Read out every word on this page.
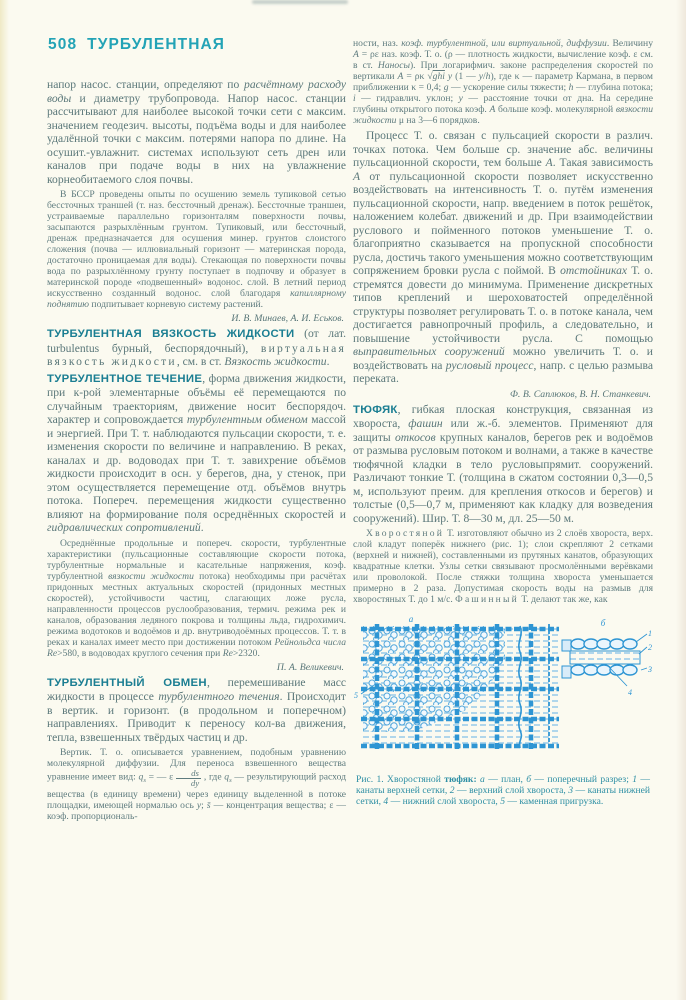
508 ТУРБУЛЕНТНАЯ

напор насос. станции, определяют по расчётному расходу воды и диаметру трубопровода. Напор насос. станции рассчитывают для наиболее высокой точки сети с максим. значением геодезич. высоты, подъёма воды и для наиболее удалённой точки с максим. потерями напора по длине. На осушит.-увлажнит. системах используют сеть дрен или каналов при подаче воды в них на увлажнение корнеобитаемого слоя почвы.

В БССР проведены опыты по осушению земель тупиковой сетью бессточных траншей (т. наз. бессточный дренаж). Бессточные траншеи, устраиваемые параллельно горизонталям поверхности почвы, засыпаются разрыхлённым грунтом. Тупиковый, или бессточный, дренаж предназначается для осушения минер. грунтов слоистого сложения (почва — иллювиальный горизонт — материнская порода, достаточно проницаемая для воды). Стекающая по поверхности почвы вода по разрыхлённому грунту поступает в подпочву и образует в материнской породе «подвешенный» водонос. слой. В летний период искусственно созданный водонос. слой благодаря капиллярному поднятию подпитывает корневую систему растений.

И. В. Минаев, А. И. Еськов.

ТУРБУЛЕНТНАЯ ВЯЗКОСТЬ ЖИДКОСТИ (от лат. turbulentus бурный, беспорядочный), виртуальная вязкость жидкости, см. в ст. Вязкость жидкости.

ТУРБУЛЕНТНОЕ ТЕЧЕНИЕ, форма движения жидкости, при к-рой элементарные объёмы её перемещаются по случайным траекториям, движение носит беспорядоч. характер и сопровождается турбулентным обменом массой и энергией. При Т. т. наблюдаются пульсации скорости, т. е. изменения скорости по величине и направлению. В реках, каналах и др. водоводах при Т. т. завихрение объёмов жидкости происходит в осн. у берегов, дна, у стенок, при этом осуществляется перемещение отд. объёмов внутрь потока. Попереч. перемещения жидкости существенно влияют на формирование поля осреднённых скоростей и гидравлических сопротивлений.

Осреднённые продольные и попереч. скорости, турбулентные характеристики (пульсационные составляющие скорости потока, турбулентные нормальные и касательные напряжения, коэф. турбулентной вязкости жидкости потока) необходимы при расчётах придонных местных актуальных скоростей (придонных местных скоростей), устойчивости частиц, слагающих ложе русла, направленности процессов руслообразования, термич. режима рек и каналов, образования ледяного покрова и толщины льда, гидрохимич. режима водотоков и водоёмов и др. внутриводоёмных процессов. Т. т. в реках и каналах имеет место при достижении потоком Рейнольдса числа Re>580, в водоводах круглого сечения при Re>2320.

П. А. Великевич.

ТУРБУЛЕНТНЫЙ ОБМЕН, перемешивание масс жидкости в процессе турбулентного течения. Происходит в вертик. и горизонт. (в продольном и поперечном) направлениях. Приводит к переносу кол-ва движения, тепла, взвешенных твёрдых частиц и др.

Вертик. Т. о. описывается уравнением, подобным уравнению молекулярной диффузии. Для переноса взвешенного вещества уравнение имеет вид: $q_s$ = — ε $\frac{ds}{dy}$ , где $q_s$ — результирующий расход вещества (в единицу времени) через единицу выделенной в потоке площадки, имеющей нормалью ось y; s̄ — концентрация вещества; ε — коэф. пропорциональ-

ности, наз. коэф. турбулентной, или виртуальной, диффузии. Величину A = ρε наз. коэф. Т. о. (ρ — плотность жидкости, вычисление коэф. ε см. в ст. Наносы). При логарифмич. законе распределения скоростей по вертикали A = ρκ √ghi y (1 — y/h), где κ — параметр Кармана, в первом приближении κ = 0,4; g — ускорение силы тяжести; h — глубина потока; i — гидравлич. уклон; y — расстояние точки от дна. На середине глубины открытого потока коэф. A больше коэф. молекулярной вязкости жидкости μ на 3—6 порядков.

Процесс Т. о. связан с пульсацией скорости в различ. точках потока. Чем больше ср. значение абс. величины пульсационной скорости, тем больше A. Такая зависимость A от пульсационной скорости позволяет искусственно воздействовать на интенсивность Т. о. путём изменения пульсационной скорости, напр. введением в поток решёток, наложением колебат. движений и др. При взаимодействии руслового и пойменного потоков уменьшение Т. о. благоприятно сказывается на пропускной способности русла, достичь такого уменьшения можно соответствующим сопряжением бровки русла с поймой. В отстойниках Т. о. стремятся довести до минимума. Применение дискретных типов креплений и шероховатостей определённой структуры позволяет регулировать Т. о. в потоке канала, чем достигается равнопрочный профиль, а следовательно, и повышение устойчивости русла. С помощью выправительных сооружений можно увеличить Т. о. и воздействовать на русловый процесс, напр. с целью размыва переката.

Ф. В. Саплюков, В. Н. Станкевич.

ТЮФЯК, гибкая плоская конструкция, связанная из хвороста, фашин или ж.-б. элементов. Применяют для защиты откосов крупных каналов, берегов рек и водоёмов от размыва русловым потоком и волнами, а также в качестве тюфячной кладки в тело русловыпрямит. сооружений. Различают тонкие Т. (толщина в сжатом состоянии 0,3—0,5 м, используют преим. для крепления откосов и берегов) и толстые (0,5—0,7 м, применяют как кладку для возведения сооружений). Шир. Т. 8—30 м, дл. 25—50 м.

Хворостяной Т. изготовляют обычно из 2 слоёв хвороста, верх. слой кладут поперёк нижнего (рис. 1); слои скрепляют 2 сетками (верхней и нижней), составленными из прутяных канатов, образующих квадратные клетки. Узлы сетки связывают просмолёнными верёвками или проволокой. После стяжки толщина хвороста уменьшается примерно в 2 раза. Допустимая скорость воды на размыв для хворостяных Т. до 1 м/с. Фашинный Т. делают так же, как

а	б
1
2
3
4
5

Рис. 1. Хворостяной тюфяк: а — план, б — поперечный разрез; 1 — канаты верхней сетки, 2 — верхний слой хвороста, 3 — канаты нижней сетки, 4 — нижний слой хвороста, 5 — каменная пригрузка.
